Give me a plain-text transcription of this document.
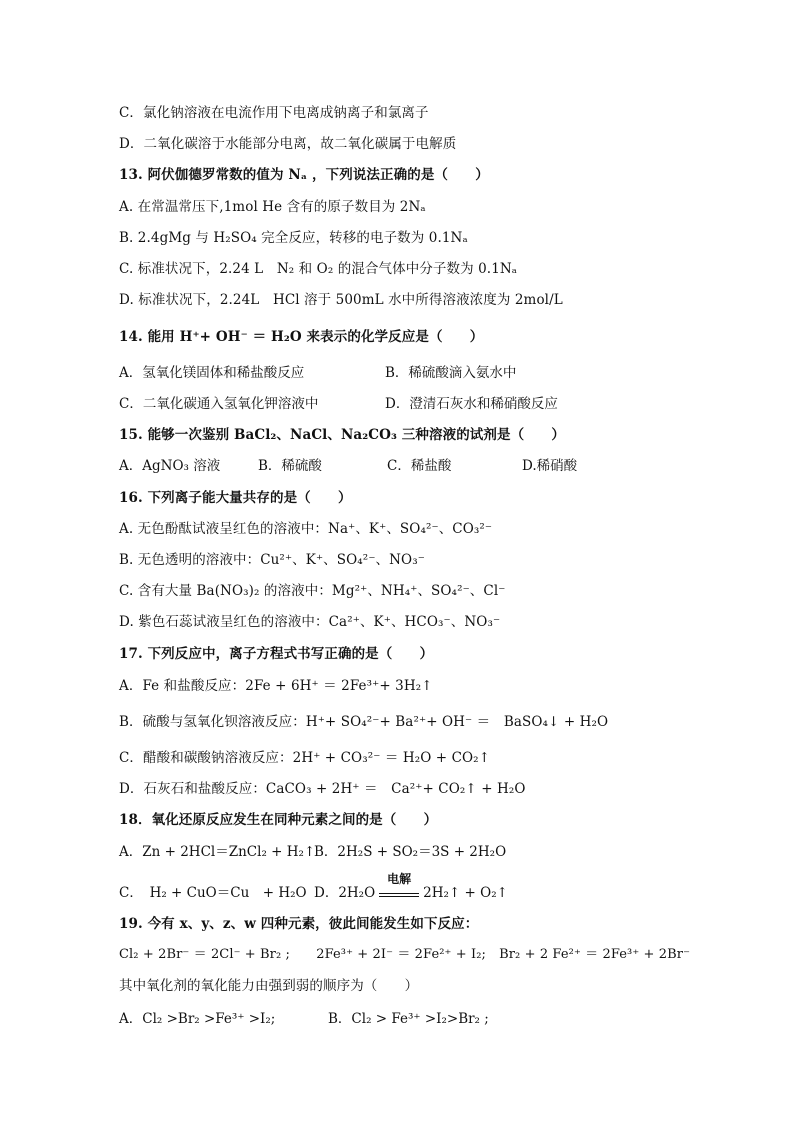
C．氯化钠溶液在电流作用下电离成钠离子和氯离子
D．二氧化碳溶于水能部分电离，故二氧化碳属于电解质
13. 阿伏伽德罗常数的值为 Nₐ ，下列说法正确的是（　　）
A. 在常温常压下,1mol He 含有的原子数目为 2Nₐ
B. 2.4gMg 与 H₂SO₄ 完全反应，转移的电子数为 0.1Nₐ
C. 标准状况下，2.24 L　N₂ 和 O₂ 的混合气体中分子数为 0.1Nₐ
D. 标准状况下，2.24L　HCl 溶于 500mL 水中所得溶液浓度为 2mol/L
14. 能用 H⁺+ OH⁻ ＝ H₂O 来表示的化学反应是（　　）
A．氢氧化镁固体和稀盐酸反应	B．稀硫酸滴入氨水中
C．二氧化碳通入氢氧化钾溶液中	D．澄清石灰水和稀硝酸反应
15. 能够一次鉴别 BaCl₂、NaCl、Na₂CO₃ 三种溶液的试剂是（　　）
A．AgNO₃ 溶液	B．稀硫酸	C．稀盐酸	D.稀硝酸
16. 下列离子能大量共存的是（　　）
A. 无色酚酞试液呈红色的溶液中：Na⁺、K⁺、SO₄²⁻、CO₃²⁻
B. 无色透明的溶液中：Cu²⁺、K⁺、SO₄²⁻、NO₃⁻
C. 含有大量 Ba(NO₃)₂ 的溶液中：Mg²⁺、NH₄⁺、SO₄²⁻、Cl⁻
D. 紫色石蕊试液呈红色的溶液中：Ca²⁺、K⁺、HCO₃⁻、NO₃⁻
17. 下列反应中，离子方程式书写正确的是（　　）
A．Fe 和盐酸反应：2Fe + 6H⁺ ＝ 2Fe³⁺+ 3H₂↑
B．硫酸与氢氧化钡溶液反应：H⁺+ SO₄²⁻+ Ba²⁺+ OH⁻ ＝　BaSO₄↓ + H₂O
C．醋酸和碳酸钠溶液反应：2H⁺ + CO₃²⁻ ＝ H₂O + CO₂↑
D．石灰石和盐酸反应：CaCO₃ + 2H⁺ ＝　Ca²⁺+ CO₂↑ + H₂O
18．氧化还原反应发生在同种元素之间的是（　　）
A．Zn + 2HCl＝ZnCl₂ + H₂↑
B．2H₂S + SO₂＝3S + 2H₂O
C．　H₂ + CuO＝Cu　+ H₂O D．2H₂O
电解
2H₂↑ + O₂↑
19. 今有 x、y、z、w 四种元素，彼此间能发生如下反应：
Cl₂ + 2Br⁻ ＝ 2Cl⁻ + Br₂ ;　　2Fe³⁺ + 2I⁻ ＝ 2Fe²⁺ + I₂;　Br₂ + 2 Fe²⁺ ＝ 2Fe³⁺ + 2Br⁻
其中氧化剂的氧化能力由强到弱的顺序为（　　）
A．Cl₂ >Br₂ >Fe³⁺ >I₂;	B．Cl₂ > Fe³⁺ >I₂>Br₂ ;
